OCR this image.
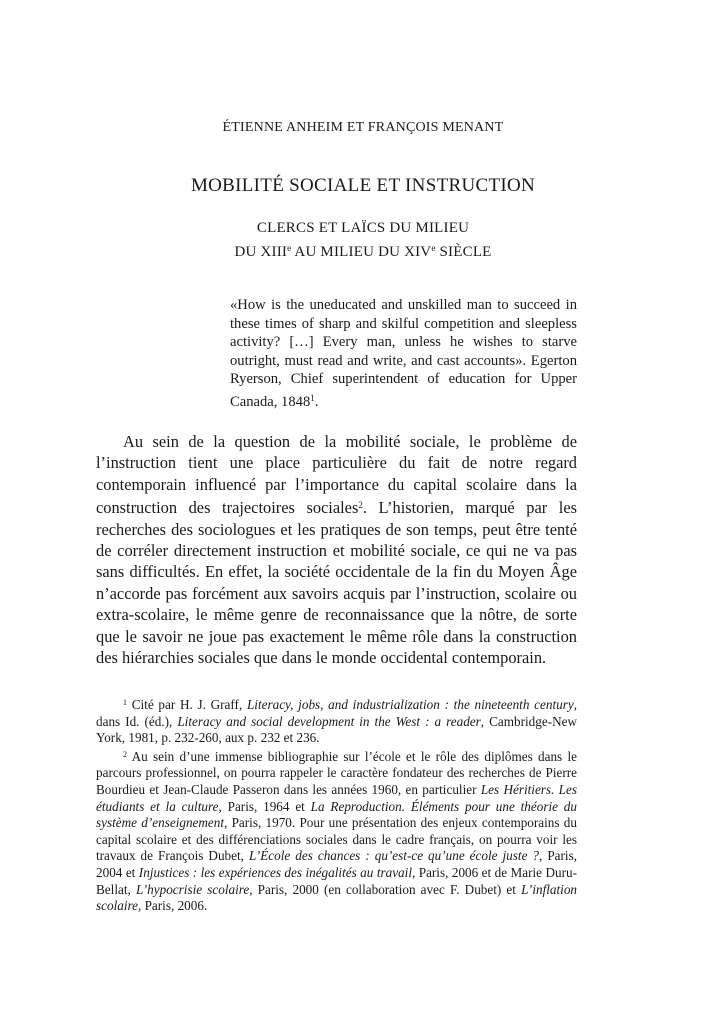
ÉTIENNE ANHEIM ET FRANÇOIS MENANT
MOBILITÉ SOCIALE ET INSTRUCTION
CLERCS ET LAÏCS DU MILIEU
DU XIIIe AU MILIEU DU XIVe SIÈCLE
«How is the uneducated and unskilled man to succeed in these times of sharp and skilful competition and sleepless activity? […] Every man, unless he wishes to starve outright, must read and write, and cast accounts». Egerton Ryerson, Chief superintendent of education for Upper Canada, 1848$^1$.
Au sein de la question de la mobilité sociale, le problème de l’instruction tient une place particulière du fait de notre regard contemporain influencé par l’importance du capital scolaire dans la construction des trajectoires sociales$^2$. L’historien, marqué par les recherches des sociologues et les pratiques de son temps, peut être tenté de corréler directement instruction et mobilité sociale, ce qui ne va pas sans difficultés. En effet, la société occidentale de la fin du Moyen Âge n’accorde pas forcément aux savoirs acquis par l’instruction, scolaire ou extra-scolaire, le même genre de reconnaissance que la nôtre, de sorte que le savoir ne joue pas exactement le même rôle dans la construction des hiérarchies sociales que dans le monde occidental contemporain.

$^1$ Cité par H. J. Graff, Literacy, jobs, and industrialization : the nineteenth century, dans Id. (éd.), Literacy and social development in the West : a reader, Cambridge-New York, 1981, p. 232-260, aux p. 232 et 236.

$^2$ Au sein d’une immense bibliographie sur l’école et le rôle des diplômes dans le parcours professionnel, on pourra rappeler le caractère fondateur des recherches de Pierre Bourdieu et Jean-Claude Passeron dans les années 1960, en particulier Les Héritiers. Les étudiants et la culture, Paris, 1964 et La Reproduction. Éléments pour une théorie du système d’enseignement, Paris, 1970. Pour une présentation des enjeux contemporains du capital scolaire et des différenciations sociales dans le cadre français, on pourra voir les travaux de François Dubet, L’École des chances : qu’est-ce qu’une école juste ?, Paris, 2004 et Injustices : les expériences des inégalités au travail, Paris, 2006 et de Marie Duru-Bellat, L’hypocrisie scolaire, Paris, 2000 (en collaboration avec F. Dubet) et L’inflation scolaire, Paris, 2006.
